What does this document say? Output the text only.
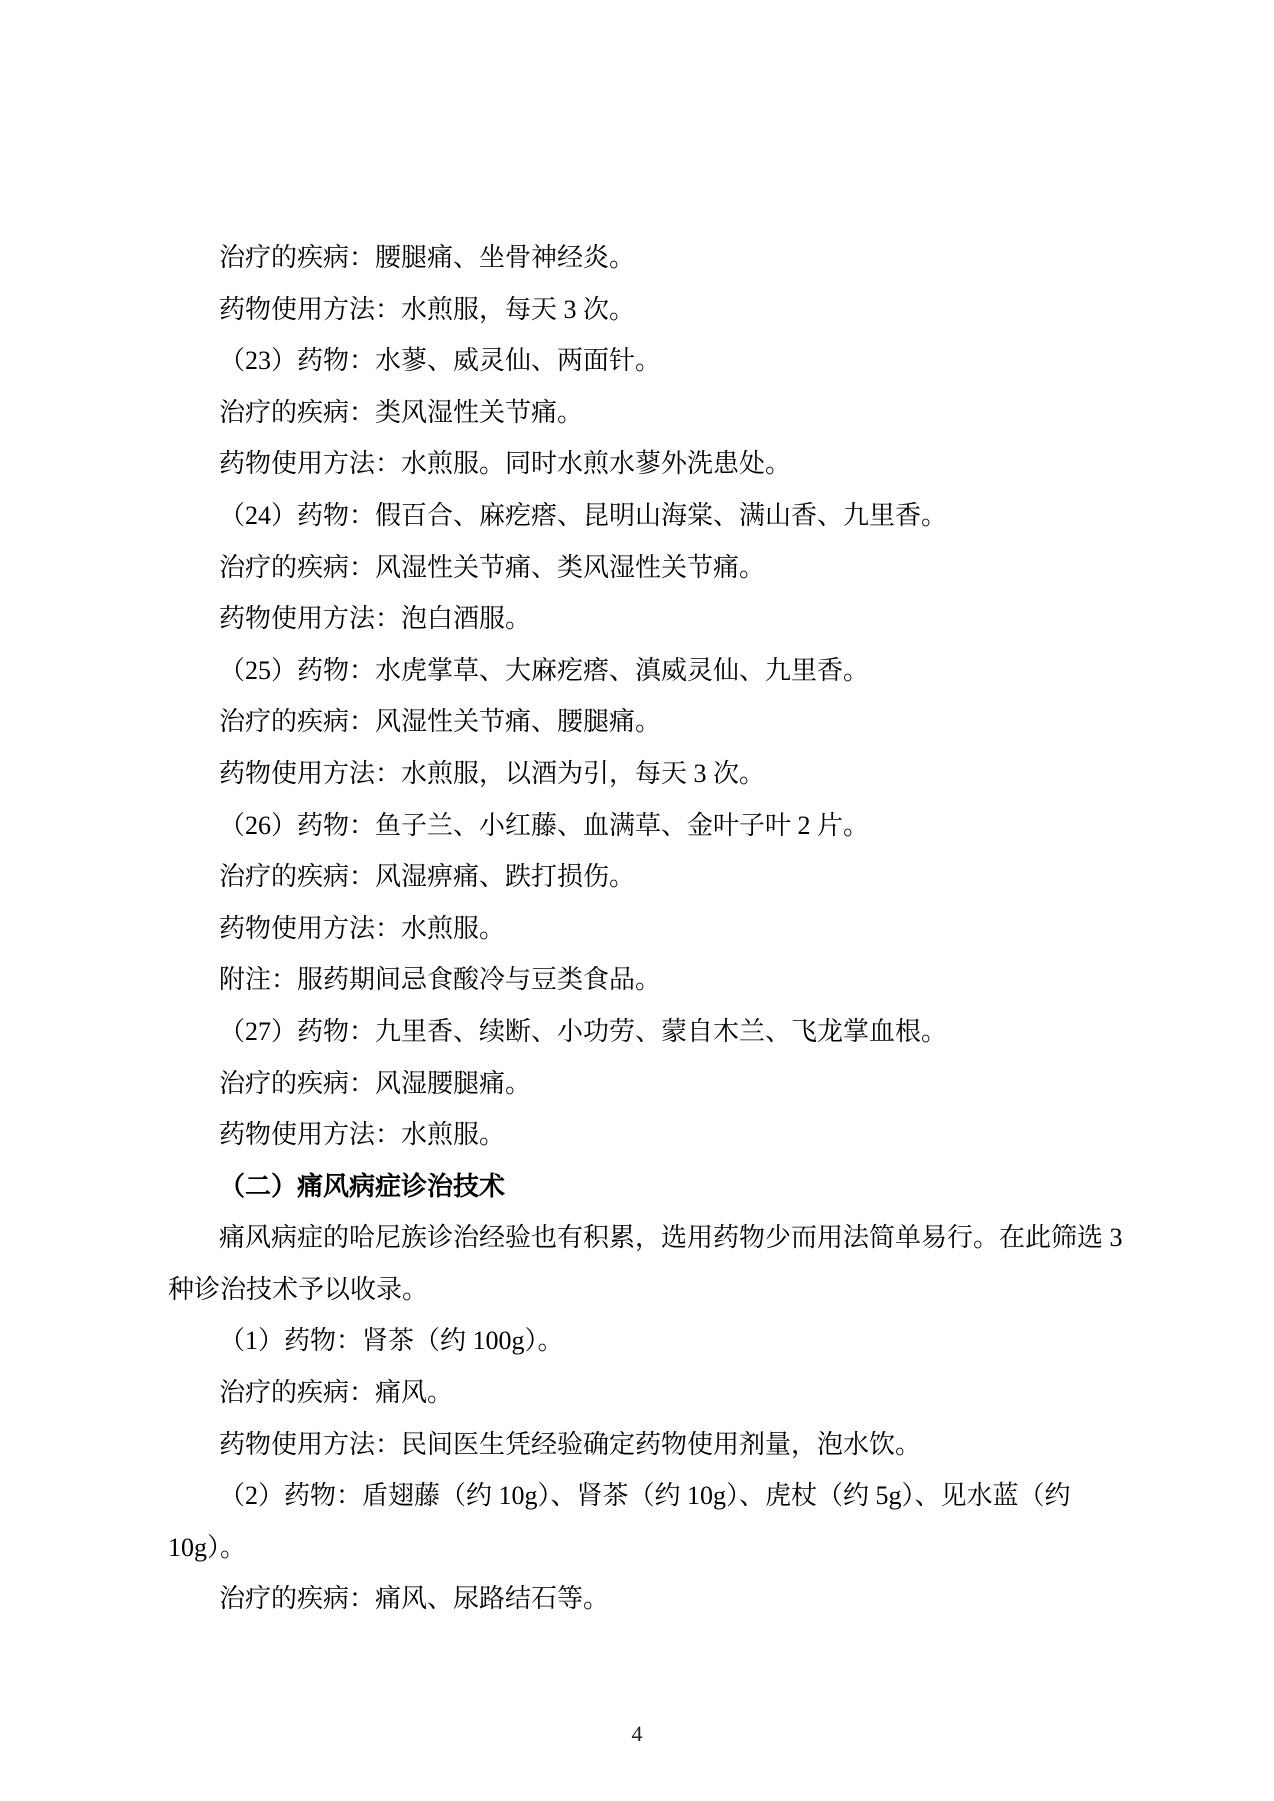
治疗的疾病：腰腿痛、坐骨神经炎。
药物使用方法：水煎服，每天 3 次。
（23）药物：水蓼、威灵仙、两面针。
治疗的疾病：类风湿性关节痛。
药物使用方法：水煎服。同时水煎水蓼外洗患处。
（24）药物：假百合、麻疙瘩、昆明山海棠、满山香、九里香。
治疗的疾病：风湿性关节痛、类风湿性关节痛。
药物使用方法：泡白酒服。
（25）药物：水虎掌草、大麻疙瘩、滇威灵仙、九里香。
治疗的疾病：风湿性关节痛、腰腿痛。
药物使用方法：水煎服，以酒为引，每天 3 次。
（26）药物：鱼子兰、小红藤、血满草、金叶子叶 2 片。
治疗的疾病：风湿痹痛、跌打损伤。
药物使用方法：水煎服。
附注：服药期间忌食酸冷与豆类食品。
（27）药物：九里香、续断、小功劳、蒙自木兰、飞龙掌血根。
治疗的疾病：风湿腰腿痛。
药物使用方法：水煎服。
（二）痛风病症诊治技术
痛风病症的哈尼族诊治经验也有积累，选用药物少而用法简单易行。在此筛选 3
种诊治技术予以收录。
（1）药物：肾茶（约 100g）。
治疗的疾病：痛风。
药物使用方法：民间医生凭经验确定药物使用剂量，泡水饮。
（2）药物：盾翅藤（约 10g）、肾茶（约 10g）、虎杖（约 5g）、见水蓝（约
10g）。
治疗的疾病：痛风、尿路结石等。
4
